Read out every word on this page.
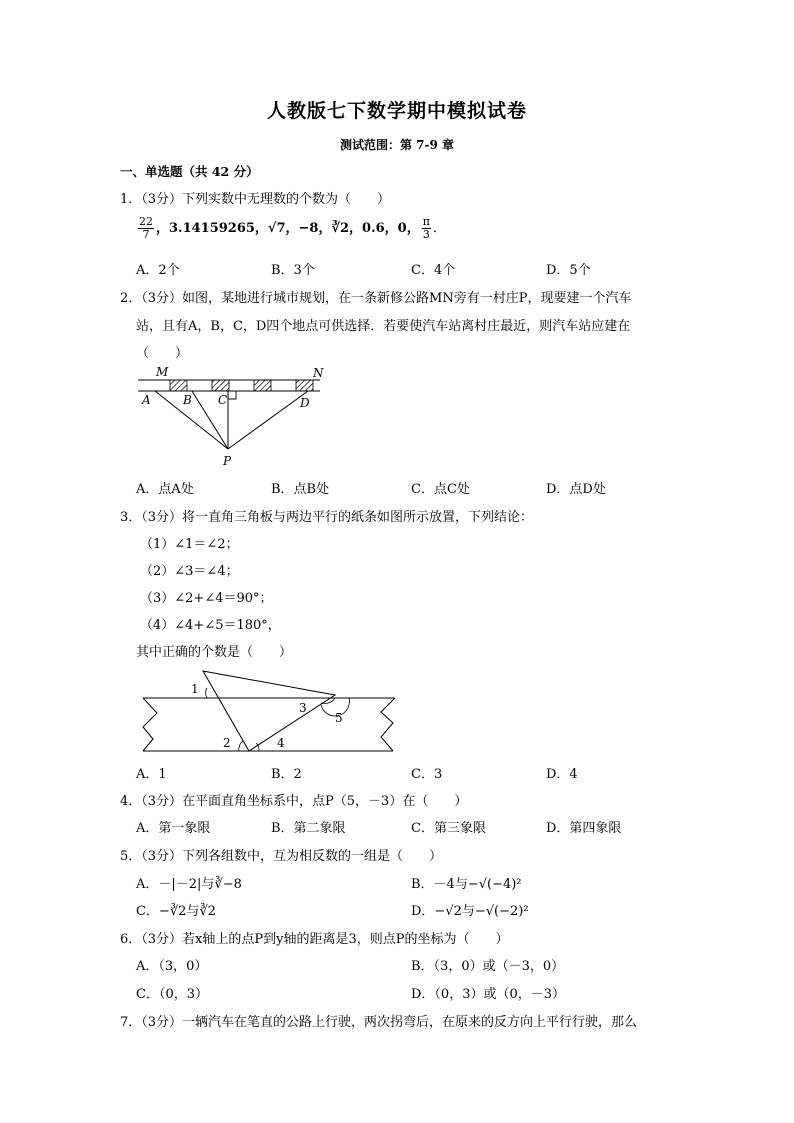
人教版七下数学期中模拟试卷
测试范围：第 7-9 章
一、单选题（共 42 分）
1．（3分）下列实数中无理数的个数为（　　）
$\frac{22}{7}$ ，3.14159265，√7，−8，∛2，0.6，0， $\frac{\pi}{3}$ ．
A．2个	B．3个	C．4个	D．5个
2．（3分）如图，某地进行城市规划，在一条新修公路MN旁有一村庄P，现要建一个汽车
站，且有A，B，C，D四个地点可供选择．若要使汽车站离村庄最近，则汽车站应建在
（　　）
M	N
A	B C	D
P
A．点A处	B．点B处	C．点C处	D．点D处
3．（3分）将一直角三角板与两边平行的纸条如图所示放置，下列结论：
（1）∠1＝∠2；
（2）∠3＝∠4；
（3）∠2+∠4＝90°；
（4）∠4+∠5＝180°，
其中正确的个数是（　　）
1
2
3
4
5
A．1	B．2	C．3	D．4
4．（3分）在平面直角坐标系中，点P（5，－3）在（　　）
A．第一象限	B．第二象限	C．第三象限	D．第四象限
5．（3分）下列各组数中，互为相反数的一组是（　　）
A．－|－2|与∛−8	B．－4与−√(−4)²
C．−∛2与∛2	D．−√2与−√(−2)²
6．（3分）若x轴上的点P到y轴的距离是3，则点P的坐标为（　　）
A．（3，0）	B．（3，0）或（－3，0）
C．（0，3）	D．（0，3）或（0，－3）
7．（3分）一辆汽车在笔直的公路上行驶，两次拐弯后，在原来的反方向上平行行驶，那么
